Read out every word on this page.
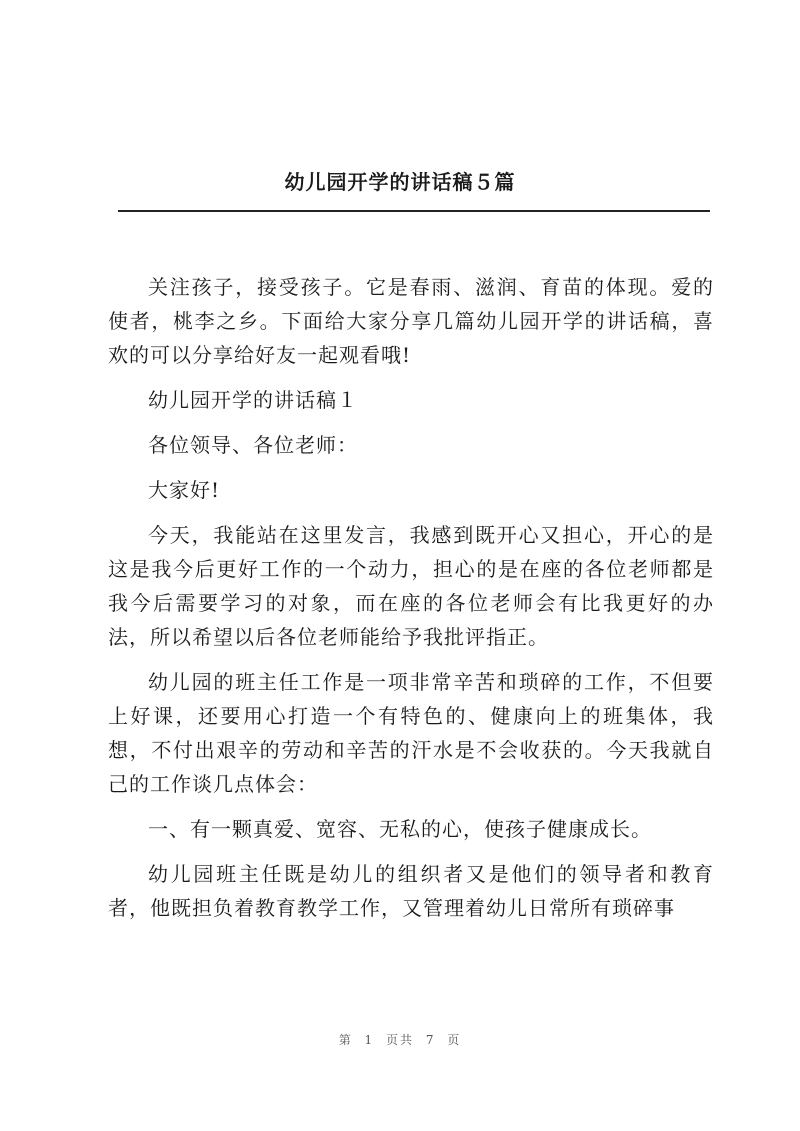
幼儿园开学的讲话稿５篇

关注孩子，接受孩子。它是春雨、滋润、育苗的体现。爱的使者，桃李之乡。下面给大家分享几篇幼儿园开学的讲话稿，喜欢的可以分享给好友一起观看哦!

幼儿园开学的讲话稿１

各位领导、各位老师：

大家好!

今天，我能站在这里发言，我感到既开心又担心，开心的是这是我今后更好工作的一个动力，担心的是在座的各位老师都是我今后需要学习的对象，而在座的各位老师会有比我更好的办法，所以希望以后各位老师能给予我批评指正。

幼儿园的班主任工作是一项非常辛苦和琐碎的工作，不但要上好课，还要用心打造一个有特色的、健康向上的班集体，我想，不付出艰辛的劳动和辛苦的汗水是不会收获的。今天我就自己的工作谈几点体会：

一、有一颗真爱、宽容、无私的心，使孩子健康成长。

幼儿园班主任既是幼儿的组织者又是他们的领导者和教育者，他既担负着教育教学工作，又管理着幼儿日常所有琐碎事

第 1 页共 7 页
